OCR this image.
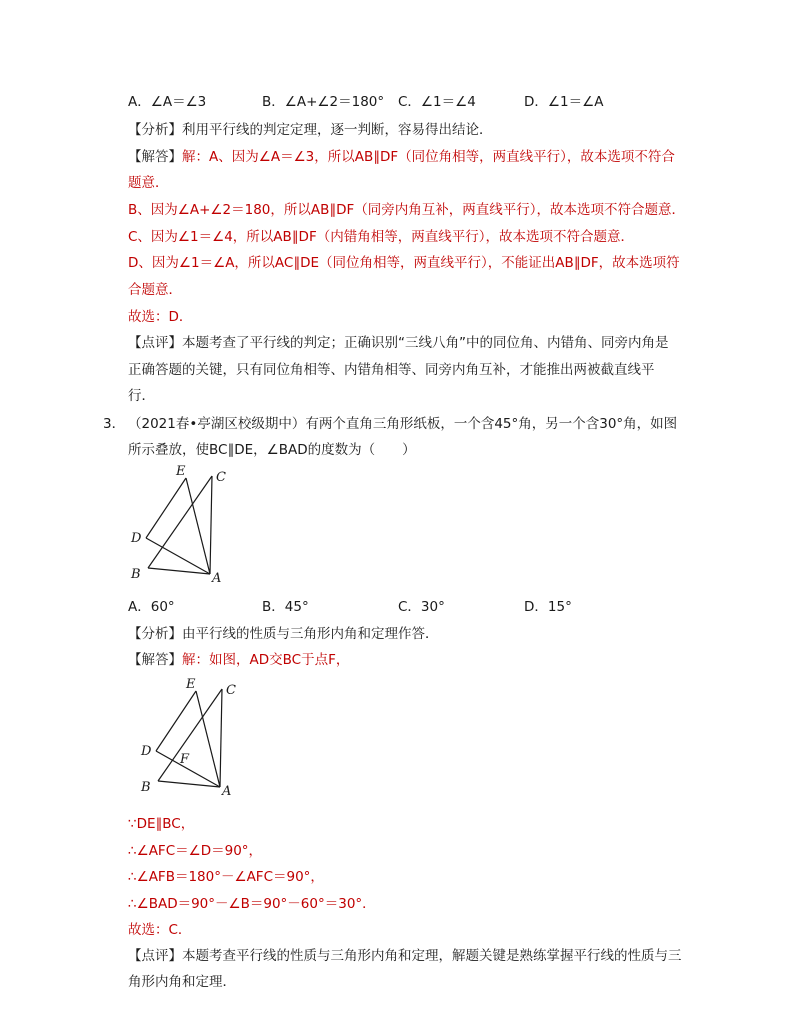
A．∠A＝∠3	B．∠A+∠2＝180° C．∠1＝∠4	D．∠1＝∠A
【分析】利用平行线的判定定理，逐一判断，容易得出结论．
【解答】解：A、因为∠A＝∠3，所以AB∥DF（同位角相等，两直线平行），故本选项不符合
题意．
B、因为∠A+∠2＝180，所以AB∥DF（同旁内角互补，两直线平行），故本选项不符合题意．
C、因为∠1＝∠4，所以AB∥DF（内错角相等，两直线平行），故本选项不符合题意．
D、因为∠1＝∠A，所以AC∥DE（同位角相等，两直线平行），不能证出AB∥DF，故本选项符
合题意．
故选：D．
【点评】本题考查了平行线的判定；正确识别“三线八角”中的同位角、内错角、同旁内角是
正确答题的关键，只有同位角相等、内错角相等、同旁内角互补，才能推出两被截直线平
行．
3． （2021春•亭湖区校级期中）有两个直角三角形纸板，一个含45°角，另一个含30°角，如图
所示叠放，使BC∥DE，∠BAD的度数为（　　）
E C
D
B	A
A．60°	B．45°	C．30°	D．15°
【分析】由平行线的性质与三角形内角和定理作答．
【解答】解：如图，AD交BC于点F，
E C
D
F
B	A
∵DE∥BC，
∴∠AFC＝∠D＝90°，
∴∠AFB＝180°－∠AFC＝90°，
∴∠BAD＝90°－∠B＝90°－60°＝30°．
故选：C．
【点评】本题考查平行线的性质与三角形内角和定理，解题关键是熟练掌握平行线的性质与三
角形内角和定理．
